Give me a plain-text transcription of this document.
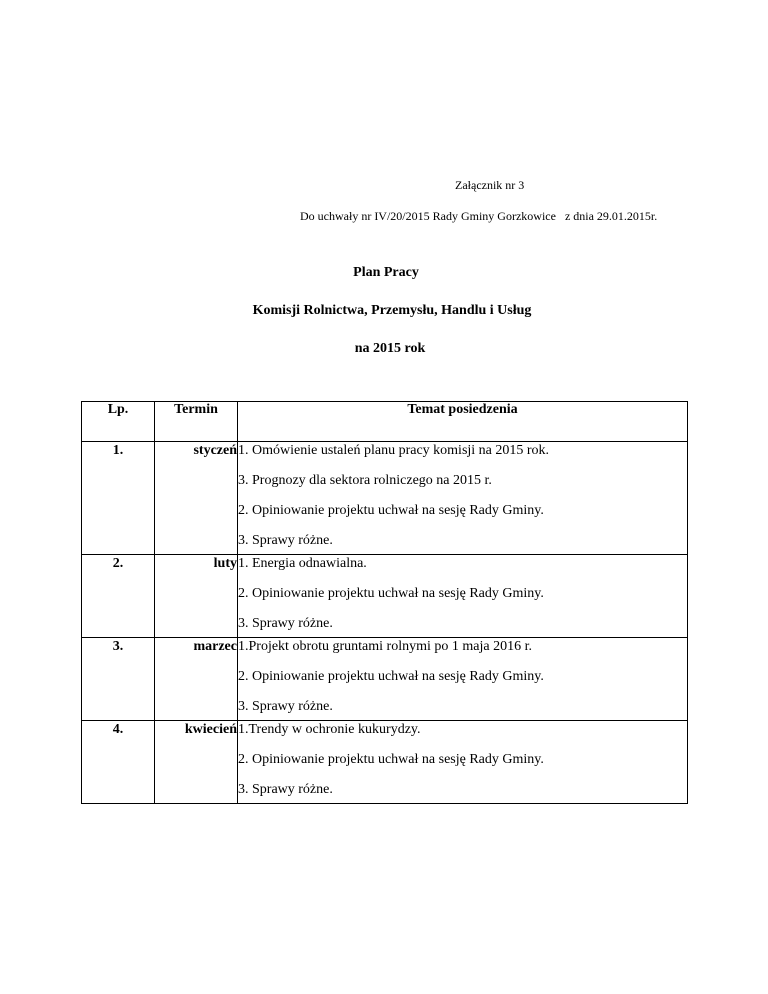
Załącznik nr 3
Do uchwały nr IV/20/2015 Rady Gminy Gorzkowice   z dnia 29.01.2015r.
Plan Pracy
Komisji Rolnictwa, Przemysłu, Handlu i Usług
na 2015 rok
Lp.	Termin	Temat posiedzenia
1.	styczeń	1. Omówienie ustaleń planu pracy komisji na 2015 rok.
3. Prognozy dla sektora rolniczego na 2015 r.
2. Opiniowanie projektu uchwał na sesję Rady Gminy.
3. Sprawy różne.

2.	luty	1. Energia odnawialna.
2. Opiniowanie projektu uchwał na sesję Rady Gminy.
3. Sprawy różne.

3.	marzec	1.Projekt obrotu gruntami rolnymi po 1 maja 2016 r.
2. Opiniowanie projektu uchwał na sesję Rady Gminy.
3. Sprawy różne.

4.	kwiecień	1.Trendy w ochronie kukurydzy.
2. Opiniowanie projektu uchwał na sesję Rady Gminy.
3. Sprawy różne.
